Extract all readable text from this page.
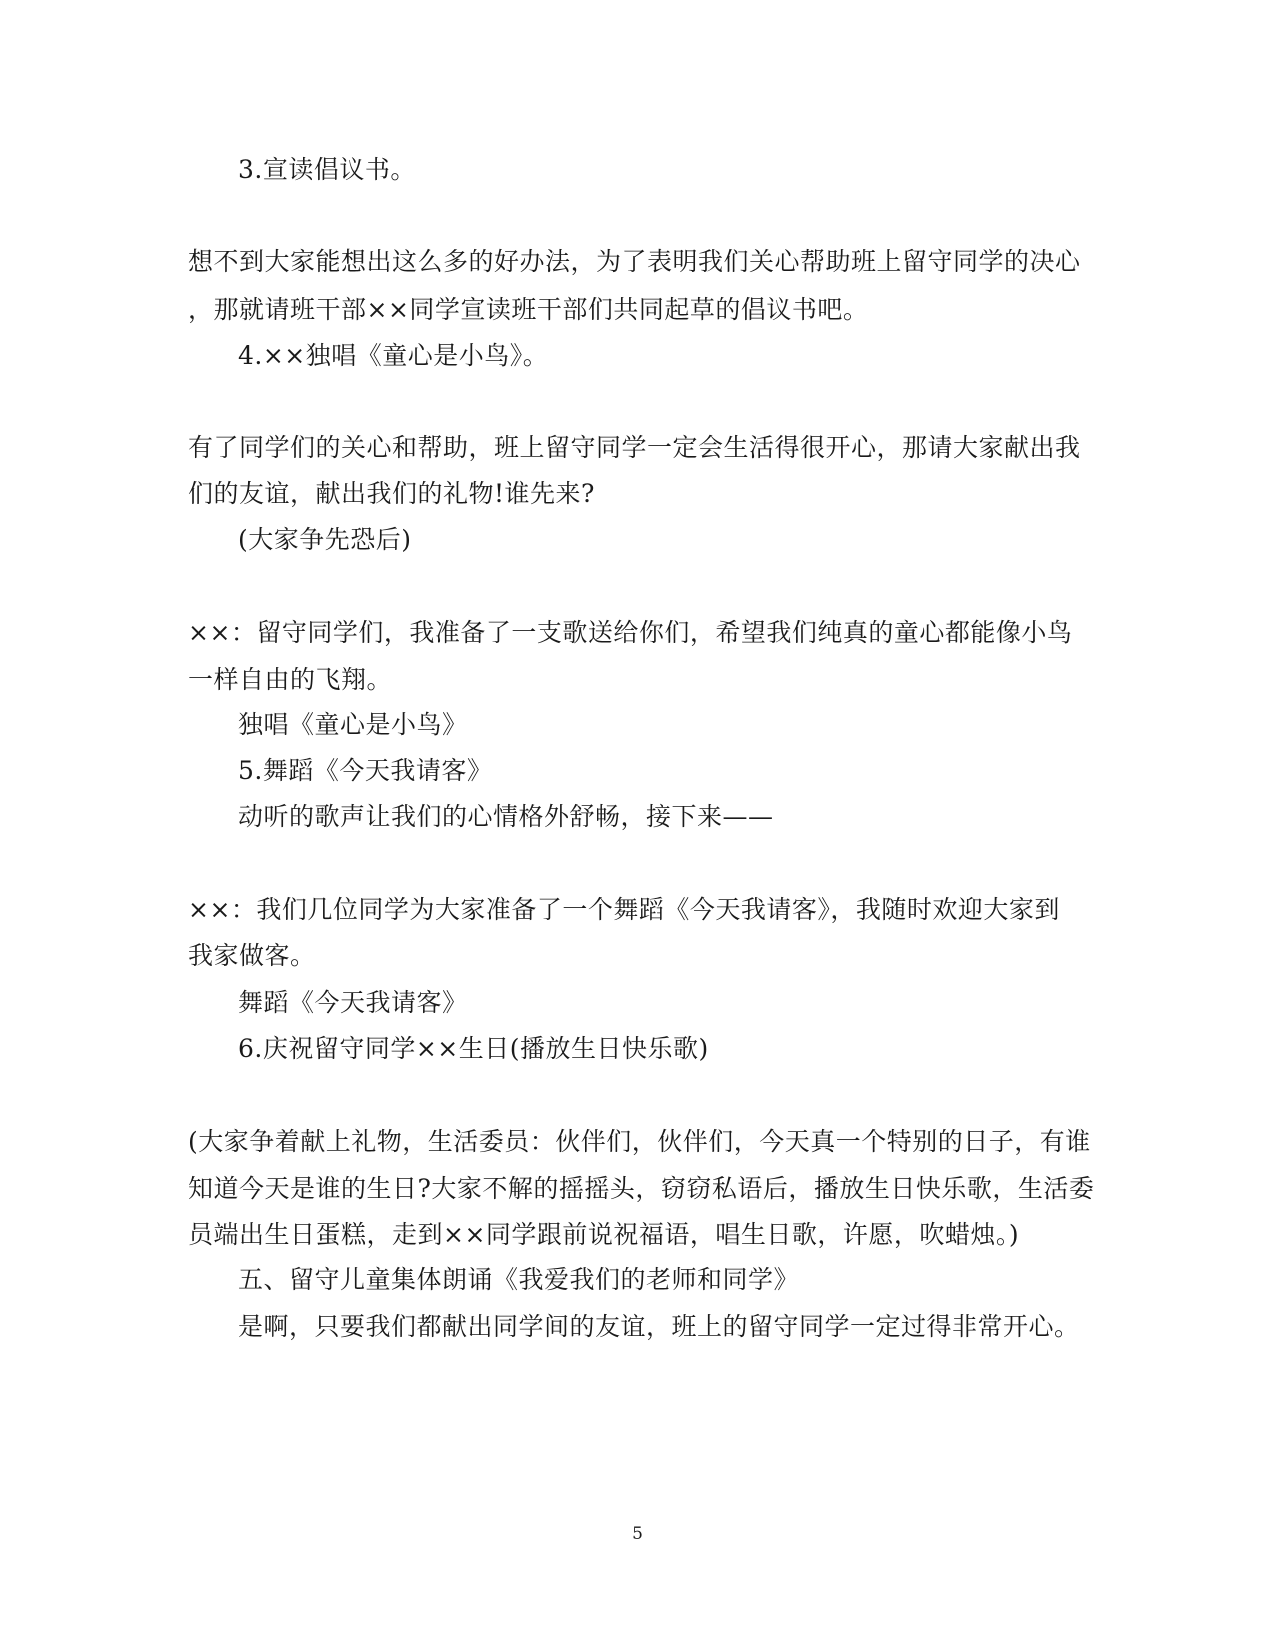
3.宣读倡议书。
想不到大家能想出这么多的好办法，为了表明我们关心帮助班上留守同学的决心
，那就请班干部××同学宣读班干部们共同起草的倡议书吧。
4.××独唱《童心是小鸟》。
有了同学们的关心和帮助，班上留守同学一定会生活得很开心，那请大家献出我
们的友谊，献出我们的礼物!谁先来?
(大家争先恐后)
××：留守同学们，我准备了一支歌送给你们，希望我们纯真的童心都能像小鸟
一样自由的飞翔。
独唱《童心是小鸟》
5.舞蹈《今天我请客》
动听的歌声让我们的心情格外舒畅，接下来——
××：我们几位同学为大家准备了一个舞蹈《今天我请客》，我随时欢迎大家到
我家做客。
舞蹈《今天我请客》
6.庆祝留守同学××生日(播放生日快乐歌)
(大家争着献上礼物，生活委员：伙伴们，伙伴们，今天真一个特别的日子，有谁
知道今天是谁的生日?大家不解的摇摇头，窃窃私语后，播放生日快乐歌，生活委
员端出生日蛋糕，走到××同学跟前说祝福语，唱生日歌，许愿，吹蜡烛。)
五、留守儿童集体朗诵《我爱我们的老师和同学》
是啊，只要我们都献出同学间的友谊，班上的留守同学一定过得非常开心。
5
